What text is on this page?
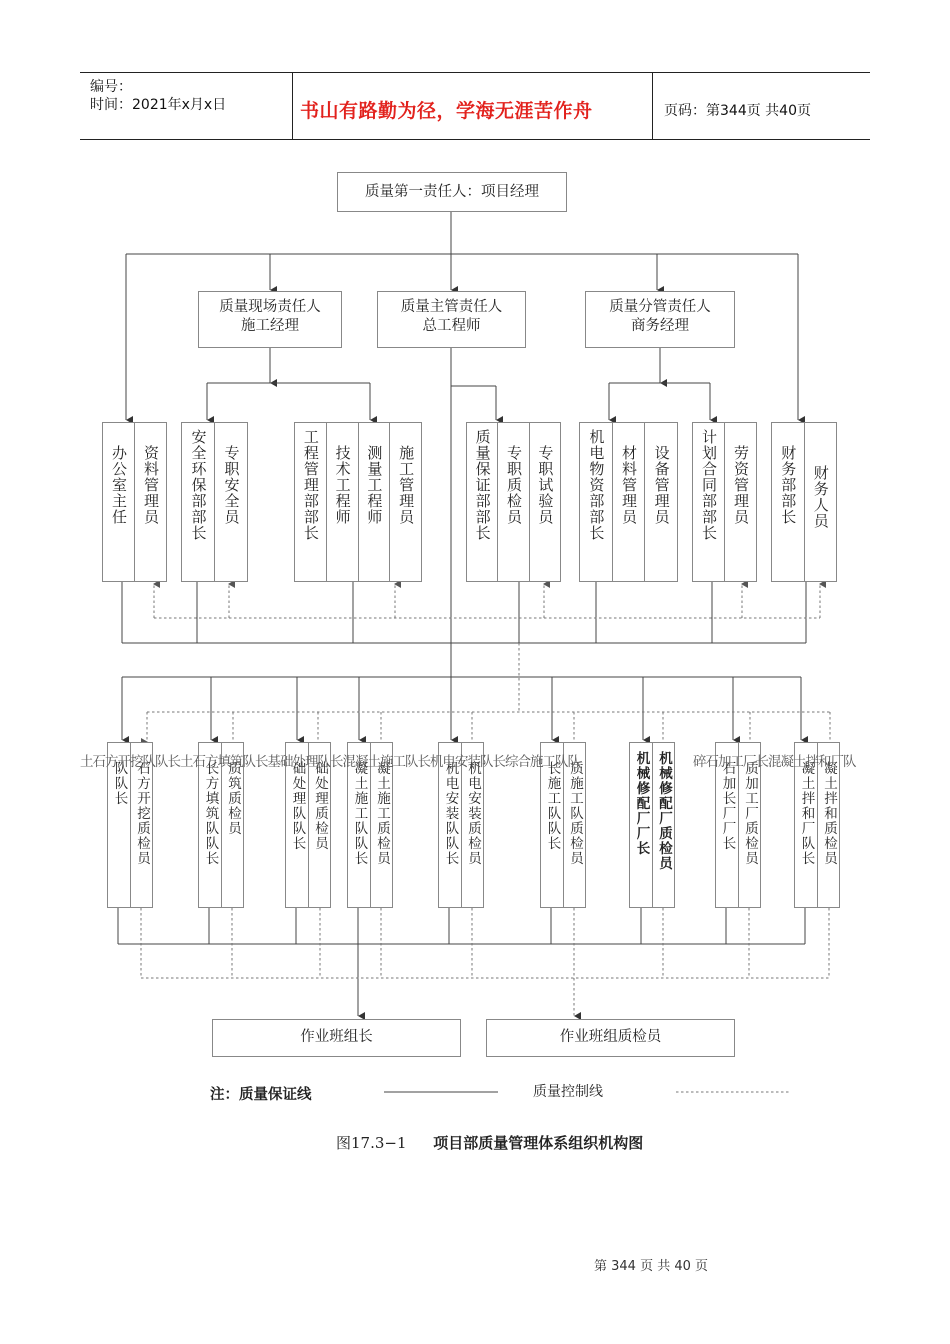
编号：
时间：2021年x月x日	书山有路勤为径，学海无涯苦作舟	页码：第344页 共40页
质量第一责任人：项目经理
质量现场责任人
施工经理
质量主管责任人
总工程师
质量分管责任人
商务经理
办公室主任 资料管理员 安全环保部部长 专职安全员	工程管理部部长 技术工程师 测量工程师 施工管理员	质量保证部部长 专职质检员 专职试验员 机电物资部部长 材料管理员 设备管理员 计划合同部部长 劳资管理员 财务部部长 财务人员
队队长 石方开挖质检员	长方填筑队队长 质筑质检员	础处理队队长 础处理质检员 凝土施工队队长 凝土施工质检员	机电安装队队长 机电安装质检员	长施工队队长 质施工队质检员	机械修配厂厂长 机械修配厂质检员	石加长厂厂长 质加工厂质检员	凝土拌和厂队长 凝土拌和质检员
土石方开挖队队长土石方填筑队长基础处理队长混凝土施工队长机电安装队长综合施工队队	碎石加工厂长混凝土拌和厂队
作业班组长	作业班组质检员
注：质量保证线	质量控制线
图17.3−1 项目部质量管理体系组织机构图
第 344 页 共 40 页
